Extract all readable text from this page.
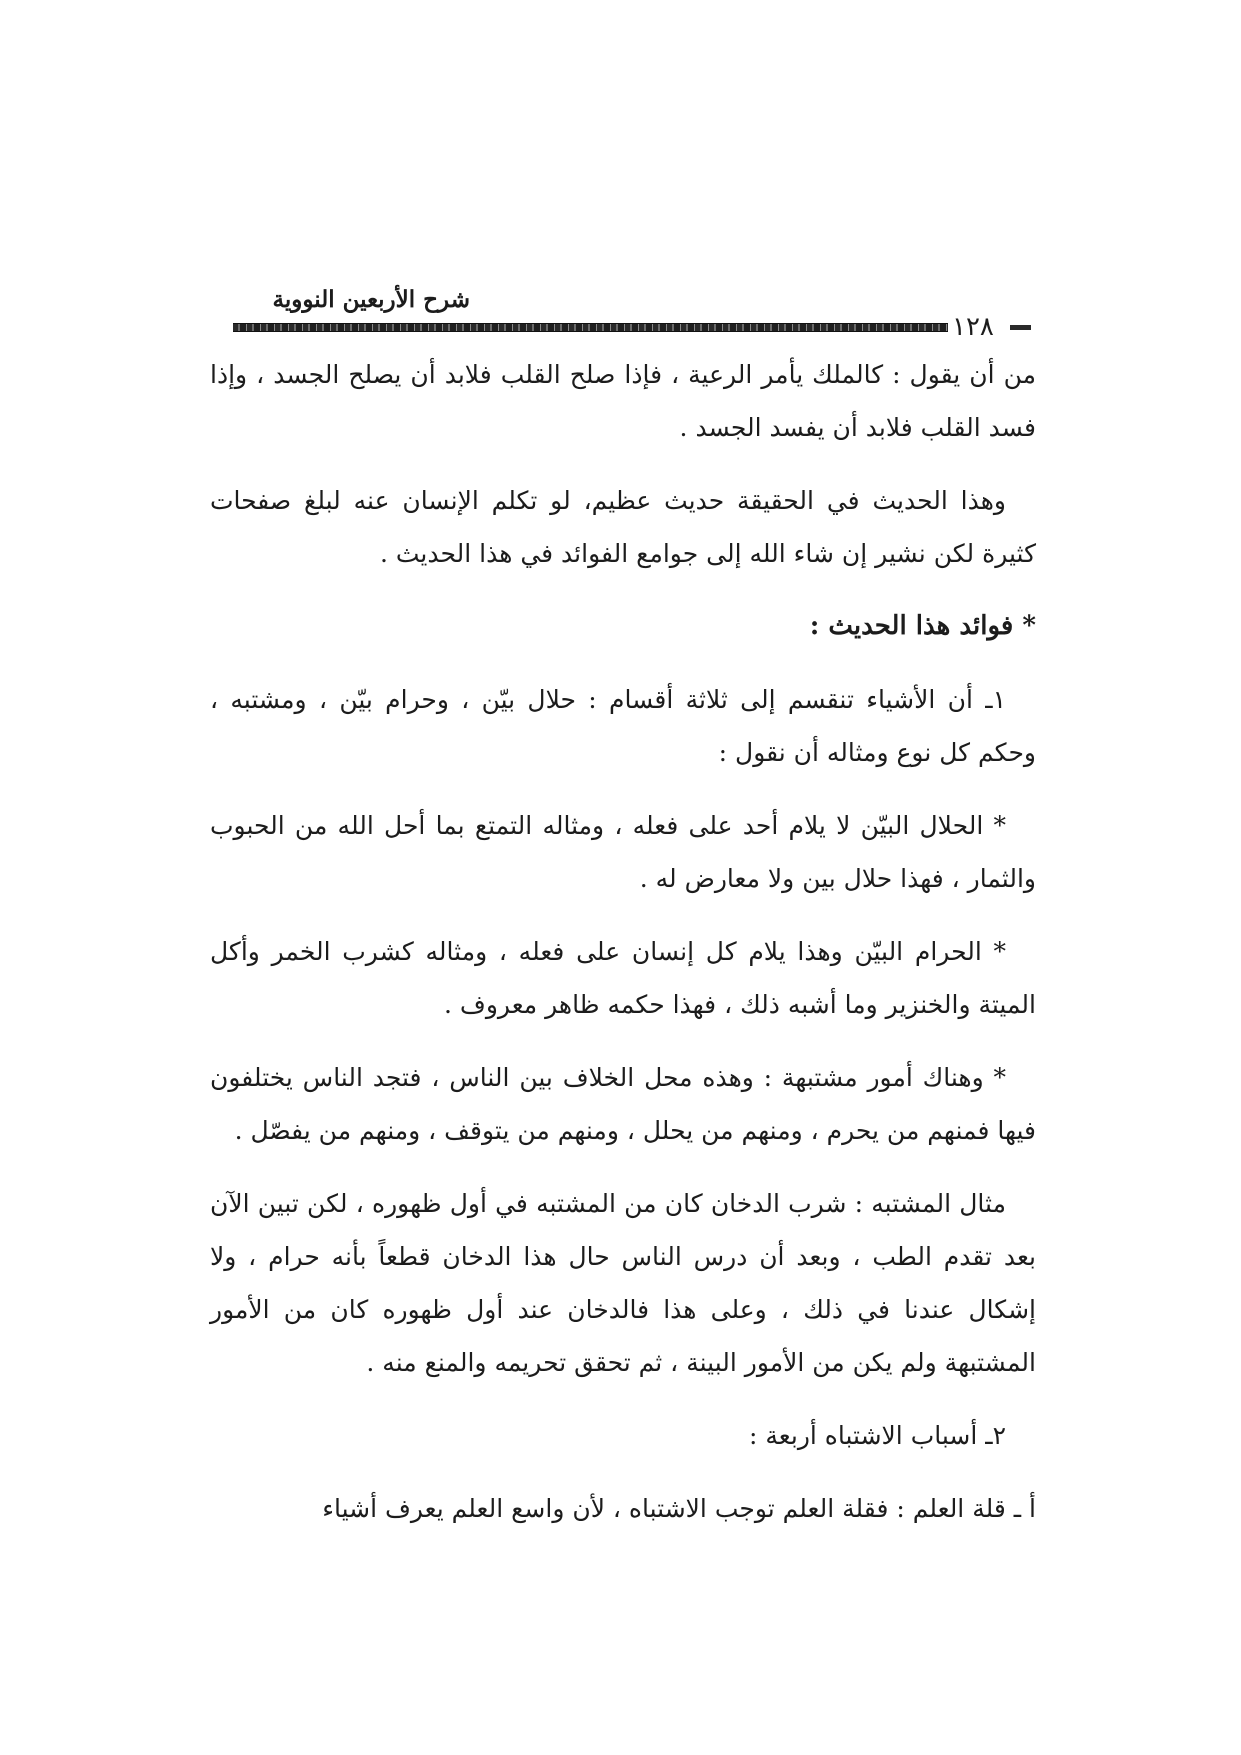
شرح الأربعين النووية
١٢٨

من أن يقول : كالملك يأمر الرعية ، فإذا صلح القلب فلابد أن يصلح الجسد ، وإذا فسد القلب فلابد أن يفسد الجسد .

وهذا الحديث في الحقيقة حديث عظيم، لو تكلم الإنسان عنه لبلغ صفحات كثيرة لكن نشير إن شاء الله إلى جوامع الفوائد في هذا الحديث .

* فوائد هذا الحديث :

١ـ أن الأشياء تنقسم إلى ثلاثة أقسام : حلال بيّن ، وحرام بيّن ، ومشتبه ، وحكم كل نوع ومثاله أن نقول :

* الحلال البيّن لا يلام أحد على فعله ، ومثاله التمتع بما أحل الله من الحبوب والثمار ، فهذا حلال بين ولا معارض له .

* الحرام البيّن وهذا يلام كل إنسان على فعله ، ومثاله كشرب الخمر وأكل الميتة والخنزير وما أشبه ذلك ، فهذا حكمه ظاهر معروف .

* وهناك أمور مشتبهة : وهذه محل الخلاف بين الناس ، فتجد الناس يختلفون فيها فمنهم من يحرم ، ومنهم من يحلل ، ومنهم من يتوقف ، ومنهم من يفصّل .

مثال المشتبه : شرب الدخان كان من المشتبه في أول ظهوره ، لكن تبين الآن بعد تقدم الطب ، وبعد أن درس الناس حال هذا الدخان قطعاً بأنه حرام ، ولا إشكال عندنا في ذلك ، وعلى هذا فالدخان عند أول ظهوره كان من الأمور المشتبهة ولم يكن من الأمور البينة ، ثم تحقق تحريمه والمنع منه .

٢ـ أسباب الاشتباه أربعة :

أ ـ قلة العلم : فقلة العلم توجب الاشتباه ، لأن واسع العلم يعرف أشياء
